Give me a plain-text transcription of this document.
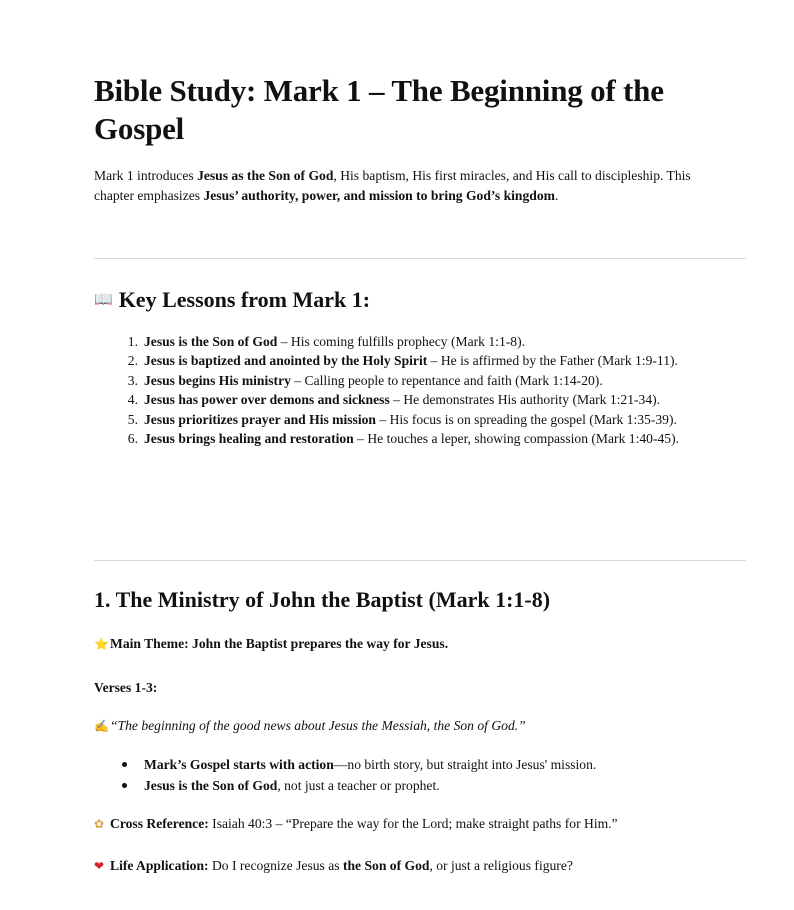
Bible Study: Mark 1 – The Beginning of the Gospel

Mark 1 introduces Jesus as the Son of God, His baptism, His first miracles, and His call to discipleship. This chapter emphasizes Jesus’ authority, power, and mission to bring God’s kingdom.

📖 Key Lessons from Mark 1:
1. Jesus is the Son of God – His coming fulfills prophecy (Mark 1:1-8).
2. Jesus is baptized and anointed by the Holy Spirit – He is affirmed by the Father (Mark 1:9-11).
3. Jesus begins His ministry – Calling people to repentance and faith (Mark 1:14-20).
4. Jesus has power over demons and sickness – He demonstrates His authority (Mark 1:21-34).
5. Jesus prioritizes prayer and His mission – His focus is on spreading the gospel (Mark 1:35-39).
6. Jesus brings healing and restoration – He touches a leper, showing compassion (Mark 1:40-45).
1. The Ministry of John the Baptist (Mark 1:1-8)

⭐Main Theme: John the Baptist prepares the way for Jesus.

Verses 1-3:

✍“The beginning of the good news about Jesus the Messiah, the Son of God.”

Mark’s Gospel starts with action—no birth story, but straight into Jesus' mission.
Jesus is the Son of God, not just a teacher or prophet.

✿ Cross Reference: Isaiah 40:3 – “Prepare the way for the Lord; make straight paths for Him.”

❤ Life Application: Do I recognize Jesus as the Son of God, or just a religious figure?
